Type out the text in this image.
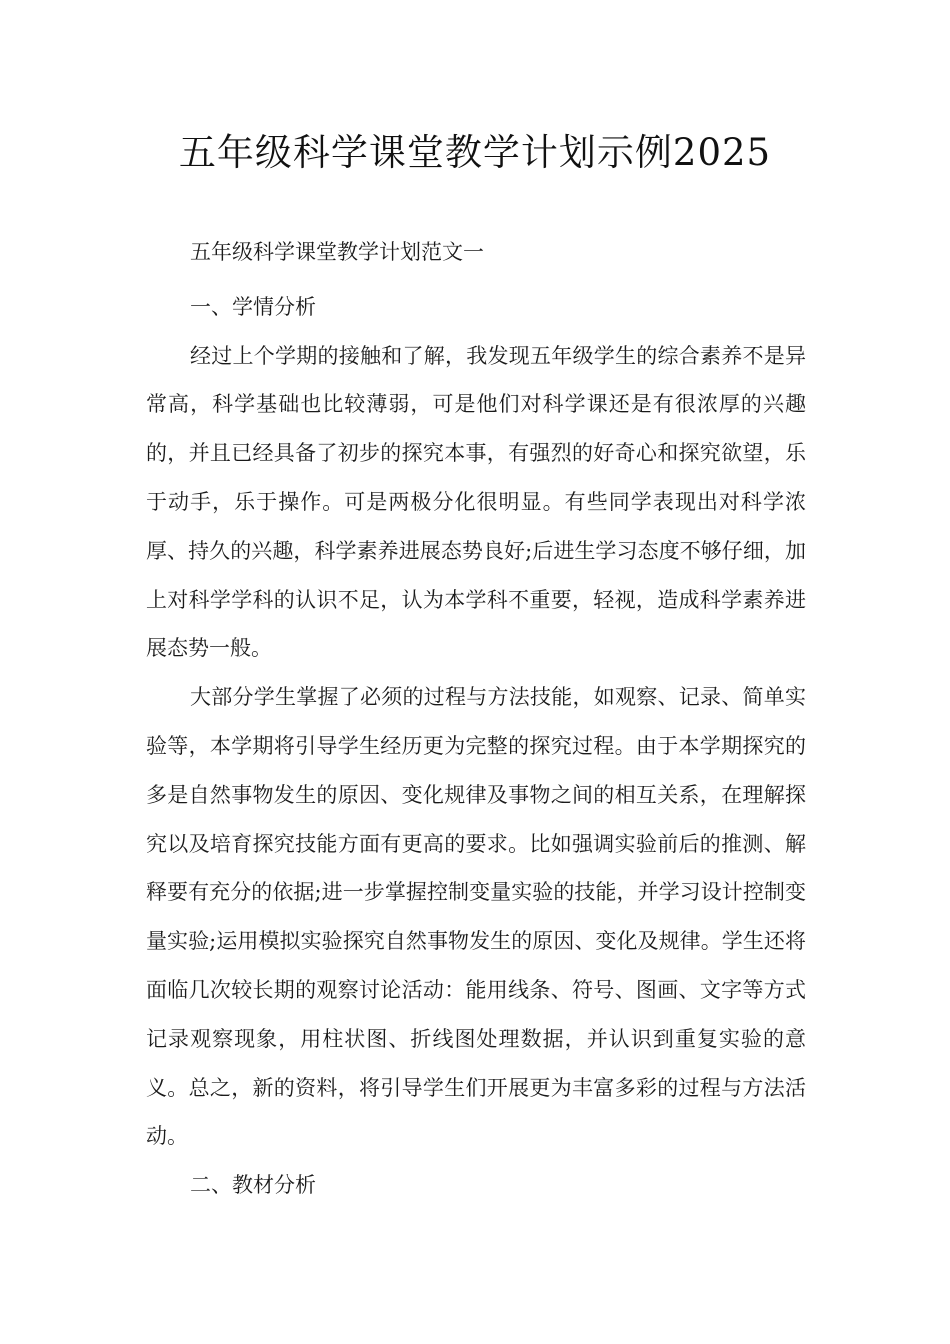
五年级科学课堂教学计划示例2025

五年级科学课堂教学计划范文一

一、学情分析

经过上个学期的接触和了解，我发现五年级学生的综合素养不是异常高，科学基础也比较薄弱，可是他们对科学课还是有很浓厚的兴趣的，并且已经具备了初步的探究本事，有强烈的好奇心和探究欲望，乐于动手，乐于操作。可是两极分化很明显。有些同学表现出对科学浓厚、持久的兴趣，科学素养进展态势良好;后进生学习态度不够仔细，加上对科学学科的认识不足，认为本学科不重要，轻视，造成科学素养进展态势一般。

大部分学生掌握了必须的过程与方法技能，如观察、记录、简单实验等，本学期将引导学生经历更为完整的探究过程。由于本学期探究的多是自然事物发生的原因、变化规律及事物之间的相互关系，在理解探究以及培育探究技能方面有更高的要求。比如强调实验前后的推测、解释要有充分的依据;进一步掌握控制变量实验的技能，并学习设计控制变量实验;运用模拟实验探究自然事物发生的原因、变化及规律。学生还将面临几次较长期的观察讨论活动：能用线条、符号、图画、文字等方式记录观察现象，用柱状图、折线图处理数据，并认识到重复实验的意义。总之，新的资料，将引导学生们开展更为丰富多彩的过程与方法活动。

二、教材分析
